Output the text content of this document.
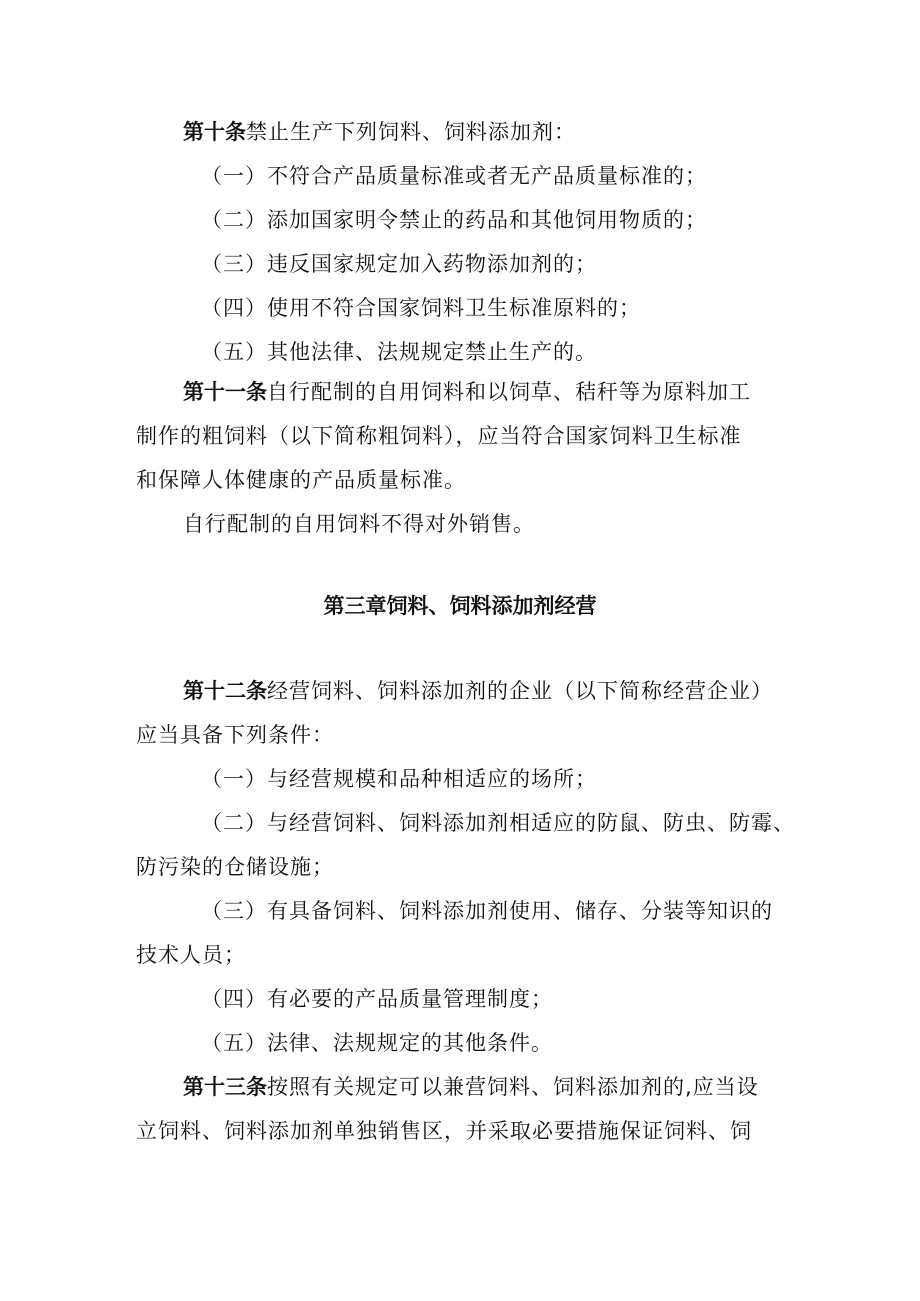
第十条禁止生产下列饲料、饲料添加剂：
（一）不符合产品质量标准或者无产品质量标准的；
（二）添加国家明令禁止的药品和其他饲用物质的；
（三）违反国家规定加入药物添加剂的；
（四）使用不符合国家饲料卫生标准原料的；
（五）其他法律、法规规定禁止生产的。
第十一条自行配制的自用饲料和以饲草、秸秆等为原料加工
制作的粗饲料（以下简称粗饲料），应当符合国家饲料卫生标准
和保障人体健康的产品质量标准。
自行配制的自用饲料不得对外销售。
第三章饲料、饲料添加剂经营
第十二条经营饲料、饲料添加剂的企业（以下简称经营企业）
应当具备下列条件：
（一）与经营规模和品种相适应的场所；
（二）与经营饲料、饲料添加剂相适应的防鼠、防虫、防霉、
防污染的仓储设施；
（三）有具备饲料、饲料添加剂使用、储存、分装等知识的
技术人员；
（四）有必要的产品质量管理制度；
（五）法律、法规规定的其他条件。
第十三条按照有关规定可以兼营饲料、饲料添加剂的,应当设
立饲料、饲料添加剂单独销售区，并采取必要措施保证饲料、饲
